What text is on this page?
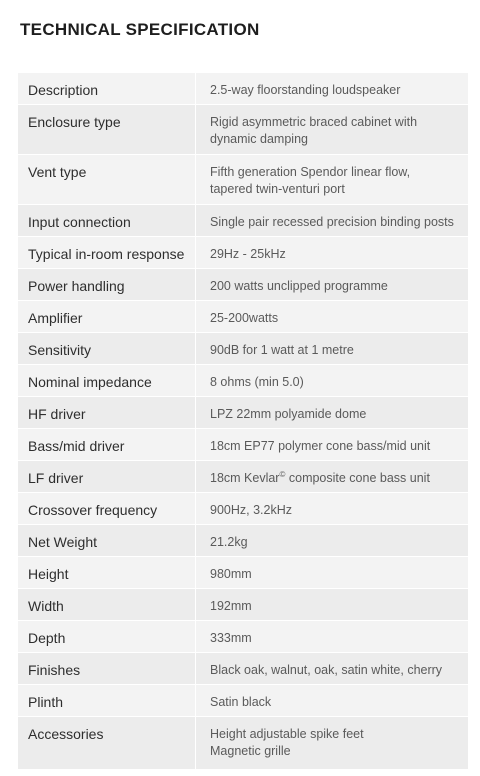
TECHNICAL SPECIFICATION
Description	2.5-way floorstanding loudspeaker
Enclosure type	Rigid asymmetric braced cabinet with
dynamic damping
Vent type	Fifth generation Spendor linear flow,
tapered twin-venturi port
Input connection	Single pair recessed precision binding posts
Typical in-room response	29Hz - 25kHz
Power handling	200 watts unclipped programme
Amplifier	25-200watts
Sensitivity	90dB for 1 watt at 1 metre
Nominal impedance	8 ohms (min 5.0)
HF driver	LPZ 22mm polyamide dome
Bass/mid driver	18cm EP77 polymer cone bass/mid unit
LF driver	18cm Kevlar© composite cone bass unit
Crossover frequency	900Hz, 3.2kHz
Net Weight	21.2kg
Height	980mm
Width	192mm
Depth	333mm
Finishes	Black oak, walnut, oak, satin white, cherry
Plinth	Satin black
Accessories	Height adjustable spike feet
Magnetic grille
